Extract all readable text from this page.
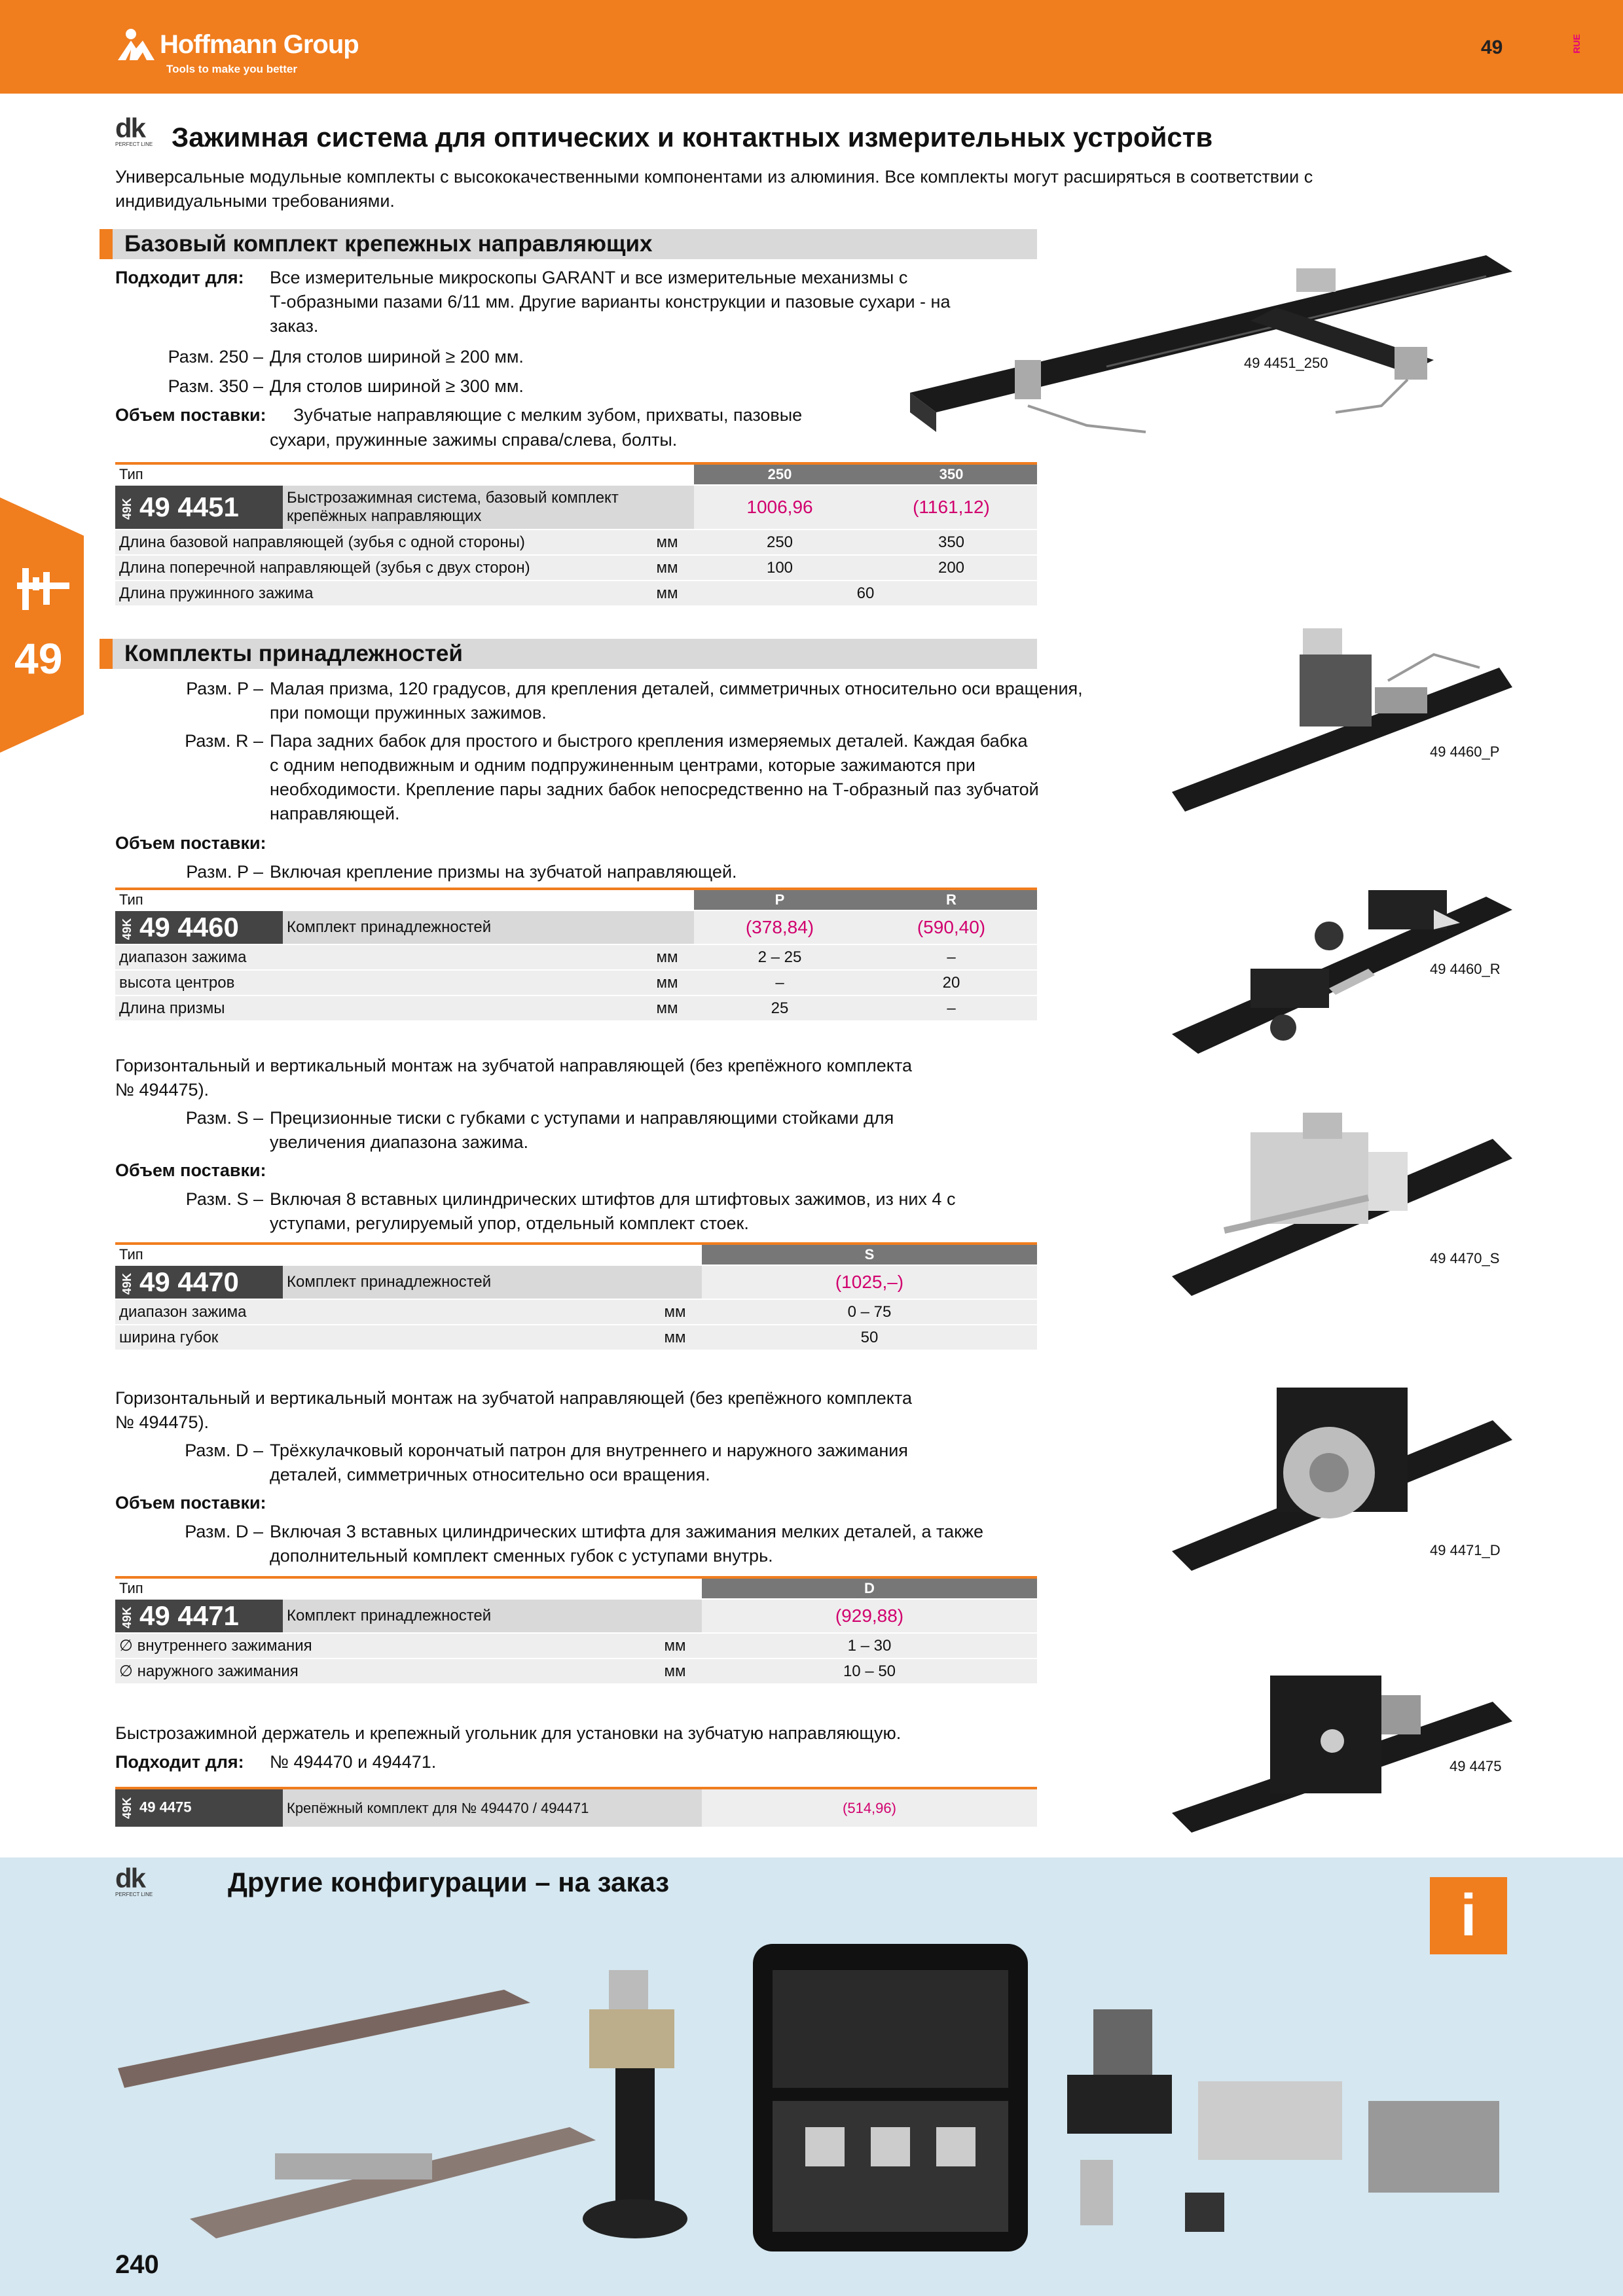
Hoffmann Group
Tools to make you better
49	RUE
49
dk
PERFECT LINE Зажимная система для оптических и контактных измерительных устройств
Универсальные модульные комплекты с высококачественными компонентами из алюминия. Все комплекты могут расширяться в соответствии с индивидуальными требованиями.
Базовый комплект крепежных направляющих
Подходит для: Все измерительные микроскопы GARANT и все измерительные механизмы с
Т-образными пазами 6/11 мм. Другие варианты конструкции и пазовые сухари - на
заказ.
Разм. 250 – Для столов шириной ≥ 200 мм.
Разм. 350 – Для столов шириной ≥ 300 мм.
Объем поставки: Зубчатые направляющие с мелким зубом, прихваты, пазовые
сухари, пружинные зажимы справа/слева, болты.
49 4451_250
Тип			250	350
49K 49 4451	Быстрозажимная система, базовый комплект крепёжных направляющих		1006,96	(1161,12)
Длина базовой направляющей (зубья с одной стороны)		мм	250	350
Длина поперечной направляющей (зубья с двух сторон)		мм	100	200
Длина пружинного зажима		мм	60	
Комплекты принадлежностей
Разм. P – Малая призма, 120 градусов, для крепления деталей, симметричных относительно оси вращения,
при помощи пружинных зажимов.
Разм. R – Пара задних бабок для простого и быстрого крепления измеряемых деталей. Каждая бабка
с одним неподвижным и одним подпружиненным центрами, которые зажимаются при
необходимости. Крепление пары задних бабок непосредственно на Т-образный паз зубчатой
направляющей.
Объем поставки:
Разм. P – Включая крепление призмы на зубчатой направляющей.
49 4460_P
49 4460_R
Тип			P	R
49K 49 4460	Комплект принадлежностей		(378,84)	(590,40)
диапазон зажима		мм	2 – 25	–
высота центров		мм	–	20
Длина призмы		мм	25	–
Горизонтальный и вертикальный монтаж на зубчатой направляющей (без крепёжного комплекта
№ 494475).
Разм. S – Прецизионные тиски с губками с уступами и направляющими стойками для
увеличения диапазона зажима.
Объем поставки:
Разм. S – Включая 8 вставных цилиндрических штифтов для штифтовых зажимов, из них 4 с
уступами, регулируемый упор, отдельный комплект стоек.
49 4470_S
Тип			S
49K 49 4470	Комплект принадлежностей		(1025,–)
диапазон зажима		мм	0 – 75
ширина губок		мм	50
Горизонтальный и вертикальный монтаж на зубчатой направляющей (без крепёжного комплекта
№ 494475).
Разм. D – Трёхкулачковый корончатый патрон для внутреннего и наружного зажимания
деталей, симметричных относительно оси вращения.
Объем поставки:
Разм. D – Включая 3 вставных цилиндрических штифта для зажимания мелких деталей, а также
дополнительный комплект сменных губок с уступами внутрь.	49 4471_D
Тип			D
49K 49 4471	Комплект принадлежностей		(929,88)
∅ внутреннего зажимания		мм	1 – 30
∅ наружного зажимания		мм	10 – 50
Быстрозажимной держатель и крепежный угольник для установки на зубчатую направляющую.
Подходит для: № 494470 и 494471.	49 4475
49K 49 4475	Крепёжный комплект для № 494470 / 494471	(514,96)
dk
PERFECT LINE	Другие конфигурации – на заказ
i
240
